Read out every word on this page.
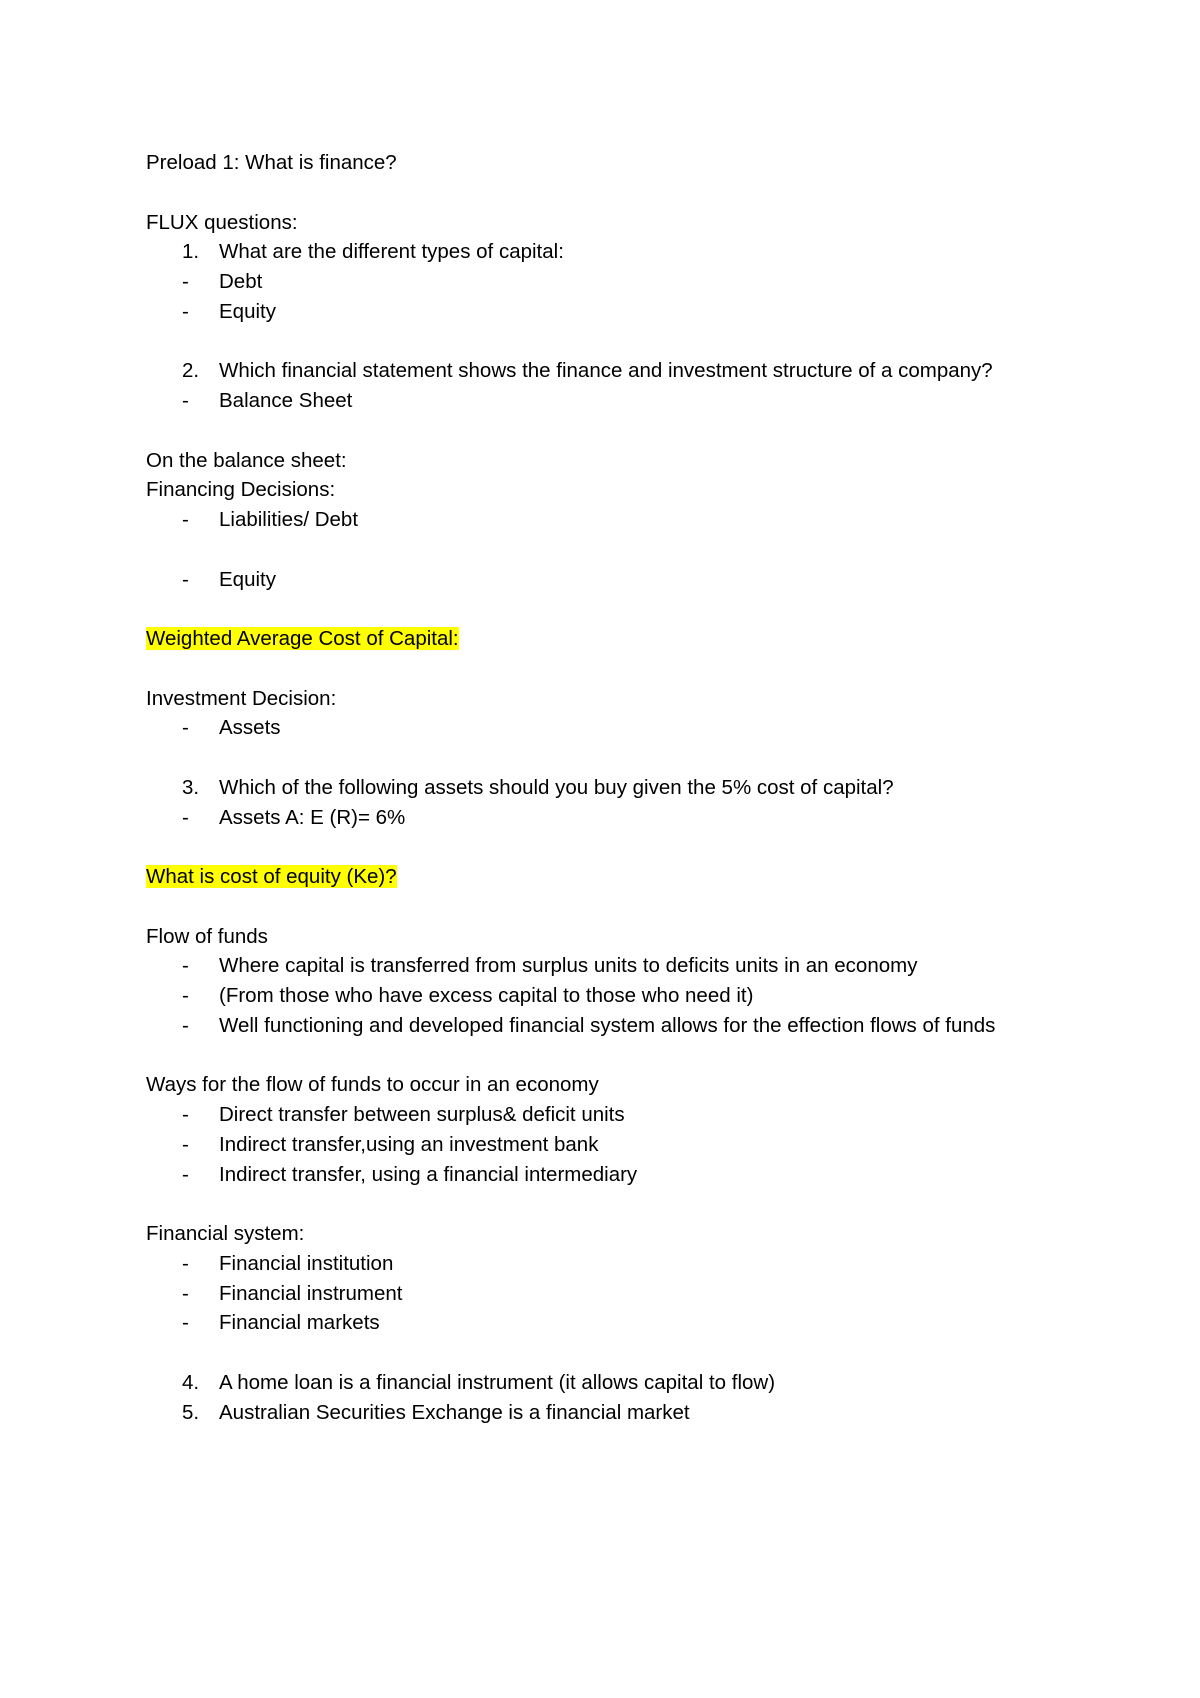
Preload 1: What is finance?

FLUX questions:

1. What are the different types of capital:

- Debt

- Equity

2. Which financial statement shows the finance and investment structure of a company?

- Balance Sheet

On the balance sheet:

Financing Decisions:

- Liabilities/ Debt

- Equity

Weighted Average Cost of Capital:

Investment Decision:

- Assets

3. Which of the following assets should you buy given the 5% cost of capital?

- Assets A: E (R)= 6%

What is cost of equity (Ke)?

Flow of funds

- Where capital is transferred from surplus units to deficits units in an economy

- (From those who have excess capital to those who need it)

- Well functioning and developed financial system allows for the effection flows of funds

Ways for the flow of funds to occur in an economy

- Direct transfer between surplus& deficit units

- Indirect transfer,using an investment bank

- Indirect transfer, using a financial intermediary

Financial system:

- Financial institution

- Financial instrument

- Financial markets

4. A home loan is a financial instrument (it allows capital to flow)

5. Australian Securities Exchange is a financial market
